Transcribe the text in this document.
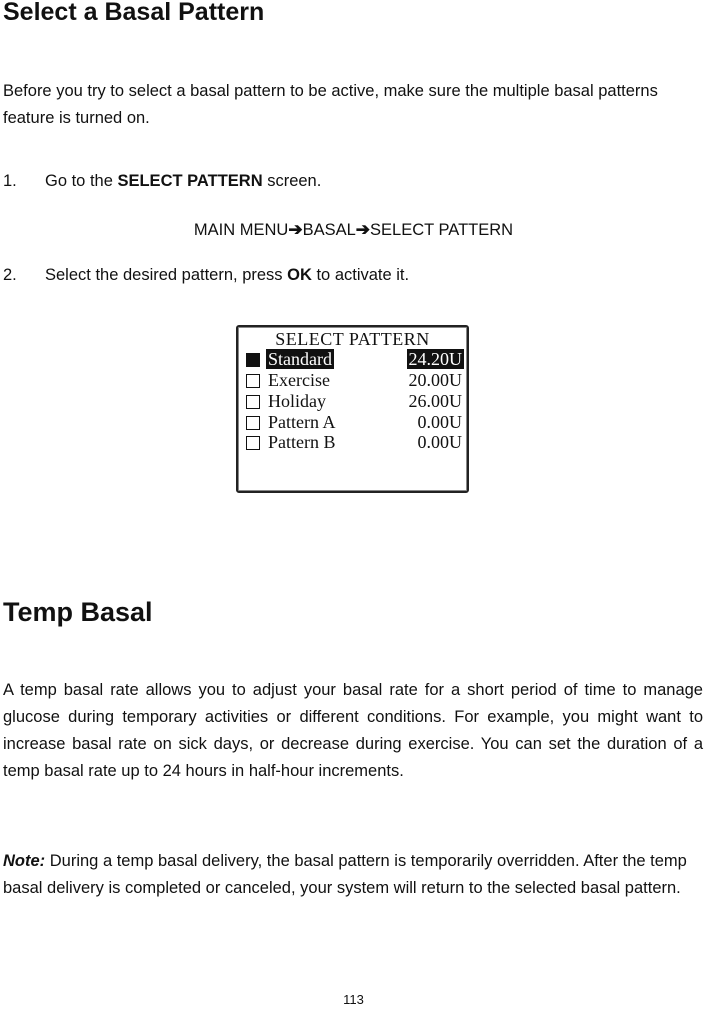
Select a Basal Pattern

Before you try to select a basal pattern to be active, make sure the multiple basal patterns feature is turned on.

1. Go to the SELECT PATTERN screen.
MAIN MENU➔BASAL➔SELECT PATTERN
2. Select the desired pattern, press OK to activate it.
SELECT PATTERN
Standard	24.20U
Exercise	20.00U
Holiday	26.00U
Pattern A	0.00U
Pattern B	0.00U
Temp Basal

A temp basal rate allows you to adjust your basal rate for a short period of time to manage glucose during temporary activities or different conditions. For example, you might want to increase basal rate on sick days, or decrease during exercise. You can set the duration of a temp basal rate up to 24 hours in half-hour increments.

Note: During a temp basal delivery, the basal pattern is temporarily overridden. After the temp basal delivery is completed or canceled, your system will return to the selected basal pattern.

113
